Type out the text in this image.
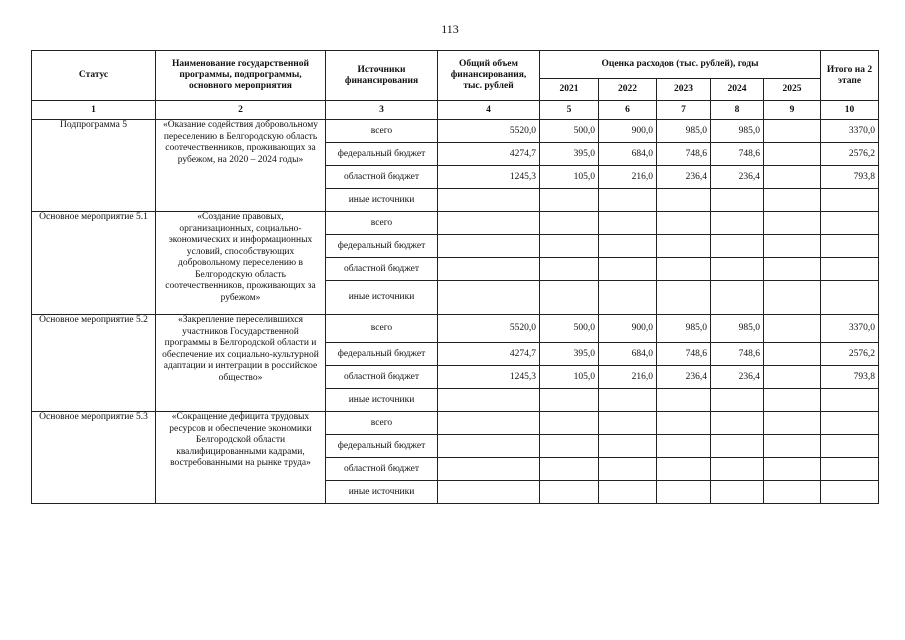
113
Статус	Наименование государственной программы, подпрограммы, основного мероприятия	Источники финансирования	Общий объем финансирования, тыс. рублей	Оценка расходов (тыс. рублей), годы					Итого на 2 этапе
				2021	2022	2023	2024	2025	
1	2	3	4	5	6	7	8	9	10
Подпрограмма 5	«Оказание содействия добровольному переселению в Белгородскую область соотечественников, проживающих за рубежом, на 2020 – 2024 годы»	всего	5520,0	500,0	900,0	985,0	985,0		3370,0
		федеральный бюджет	4274,7	395,0	684,0	748,6	748,6		2576,2
		областной бюджет	1245,3	105,0	216,0	236,4	236,4		793,8
		иные источники							
Основное мероприятие 5.1	«Создание правовых, организационных, социально-экономических и информационных условий, способствующих добровольному переселению в Белгородскую область соотечественников, проживающих за рубежом»	всего							
		федеральный бюджет							
		областной бюджет							
		иные источники							
Основное мероприятие 5.2	«Закрепление переселившихся участников Государственной программы в Белгородской области и обеспечение их социально-культурной адаптации и интеграции в российское общество»	всего	5520,0	500,0	900,0	985,0	985,0		3370,0
		федеральный бюджет	4274,7	395,0	684,0	748,6	748,6		2576,2
		областной бюджет	1245,3	105,0	216,0	236,4	236,4		793,8
		иные источники							
Основное мероприятие 5.3	«Сокращение дефицита трудовых ресурсов и обеспечение экономики Белгородской области квалифицированными кадрами, востребованными на рынке труда»	всего							
		федеральный бюджет							
		областной бюджет							
		иные источники							
